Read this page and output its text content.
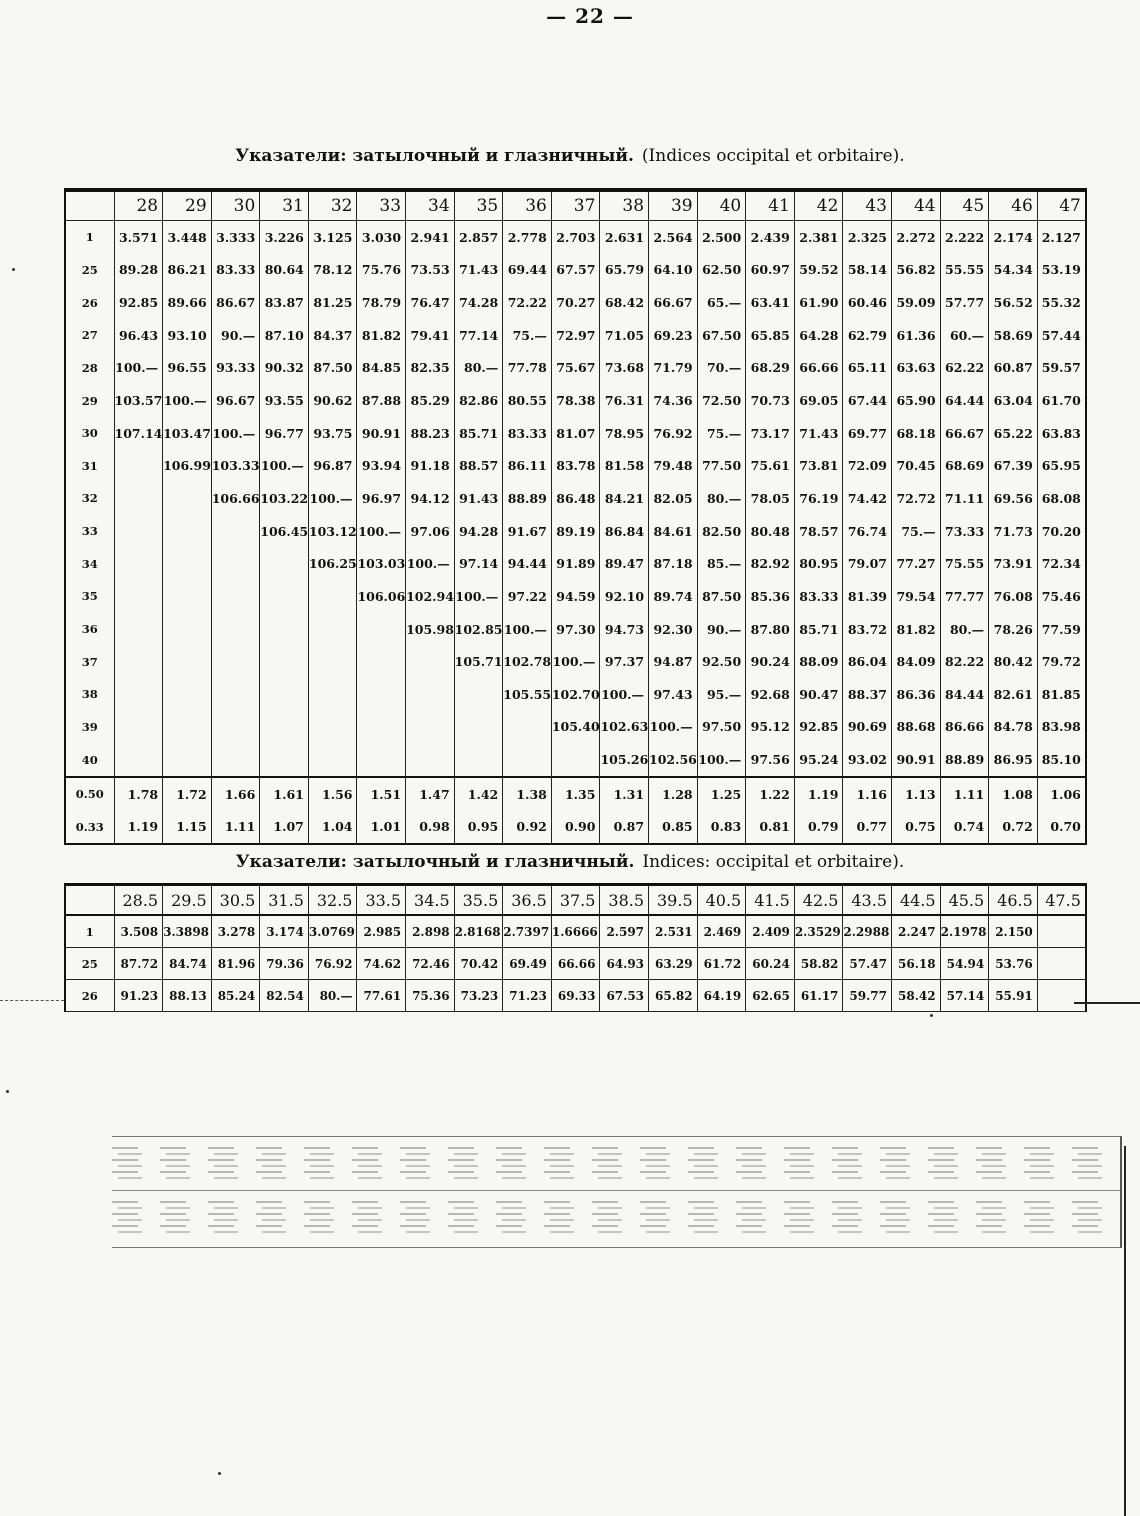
— 22 —
Указатели: затылочный и глазничный. (Indices occipital et orbitaire).
	28	29	30	31	32	33	34	35	36	37	38	39	40	41	42	43	44	45	46	47
1	3.571	3.448	3.333	3.226	3.125	3.030	2.941	2.857	2.778	2.703	2.631	2.564	2.500	2.439	2.381	2.325	2.272	2.222	2.174	2.127
25	89.28	86.21	83.33	80.64	78.12	75.76	73.53	71.43	69.44	67.57	65.79	64.10	62.50	60.97	59.52	58.14	56.82	55.55	54.34	53.19
26	92.85	89.66	86.67	83.87	81.25	78.79	76.47	74.28	72.22	70.27	68.42	66.67	65.—	63.41	61.90	60.46	59.09	57.77	56.52	55.32
27	96.43	93.10	90.—	87.10	84.37	81.82	79.41	77.14	75.—	72.97	71.05	69.23	67.50	65.85	64.28	62.79	61.36	60.—	58.69	57.44
28	100.—	96.55	93.33	90.32	87.50	84.85	82.35	80.—	77.78	75.67	73.68	71.79	70.—	68.29	66.66	65.11	63.63	62.22	60.87	59.57
29	103.57	100.—	96.67	93.55	90.62	87.88	85.29	82.86	80.55	78.38	76.31	74.36	72.50	70.73	69.05	67.44	65.90	64.44	63.04	61.70
30	107.14	103.47	100.—	96.77	93.75	90.91	88.23	85.71	83.33	81.07	78.95	76.92	75.—	73.17	71.43	69.77	68.18	66.67	65.22	63.83
31		106.99	103.33	100.—	96.87	93.94	91.18	88.57	86.11	83.78	81.58	79.48	77.50	75.61	73.81	72.09	70.45	68.69	67.39	65.95
32			106.66	103.22	100.—	96.97	94.12	91.43	88.89	86.48	84.21	82.05	80.—	78.05	76.19	74.42	72.72	71.11	69.56	68.08
33				106.45	103.12	100.—	97.06	94.28	91.67	89.19	86.84	84.61	82.50	80.48	78.57	76.74	75.—	73.33	71.73	70.20
34					106.25	103.03	100.—	97.14	94.44	91.89	89.47	87.18	85.—	82.92	80.95	79.07	77.27	75.55	73.91	72.34
35						106.06	102.94	100.—	97.22	94.59	92.10	89.74	87.50	85.36	83.33	81.39	79.54	77.77	76.08	75.46
36							105.98	102.85	100.—	97.30	94.73	92.30	90.—	87.80	85.71	83.72	81.82	80.—	78.26	77.59
37								105.71	102.78	100.—	97.37	94.87	92.50	90.24	88.09	86.04	84.09	82.22	80.42	79.72
38									105.55	102.70	100.—	97.43	95.—	92.68	90.47	88.37	86.36	84.44	82.61	81.85
39										105.40	102.63	100.—	97.50	95.12	92.85	90.69	88.68	86.66	84.78	83.98
40											105.26	102.56	100.—	97.56	95.24	93.02	90.91	88.89	86.95	85.10
0.50	1.78	1.72	1.66	1.61	1.56	1.51	1.47	1.42	1.38	1.35	1.31	1.28	1.25	1.22	1.19	1.16	1.13	1.11	1.08	1.06
0.33	1.19	1.15	1.11	1.07	1.04	1.01	0.98	0.95	0.92	0.90	0.87	0.85	0.83	0.81	0.79	0.77	0.75	0.74	0.72	0.70
Указатели: затылочный и глазничный. Indices: occipital et orbitaire).
	28.5	29.5	30.5	31.5	32.5	33.5	34.5	35.5	36.5	37.5	38.5	39.5	40.5	41.5	42.5	43.5	44.5	45.5	46.5	47.5
1	3.508	3.3898	3.278	3.174	3.0769	2.985	2.898	2.8168	2.7397	1.6666	2.597	2.531	2.469	2.409	2.3529	2.2988	2.247	2.1978	2.150	
25	87.72	84.74	81.96	79.36	76.92	74.62	72.46	70.42	69.49	66.66	64.93	63.29	61.72	60.24	58.82	57.47	56.18	54.94	53.76	
26	91.23	88.13	85.24	82.54	80.—	77.61	75.36	73.23	71.23	69.33	67.53	65.82	64.19	62.65	61.17	59.77	58.42	57.14	55.91	
